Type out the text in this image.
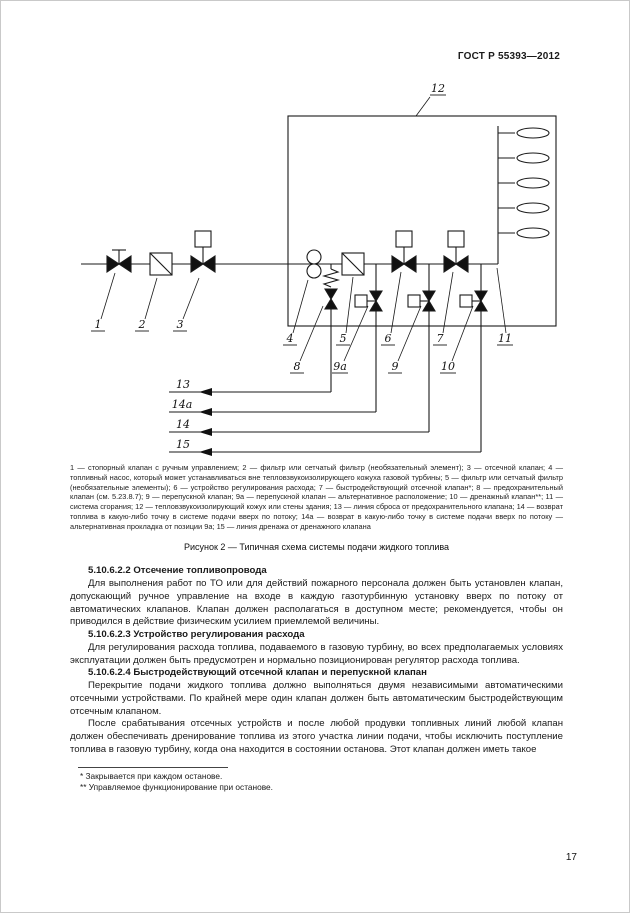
ГОСТ Р 55393—2012
1	2	3
4	5	6	7	11
8	9а	9	10
12
13
14а
14
15

1 — стопорный клапан с ручным управлением; 2 — фильтр или сетчатый фильтр (необязательный элемент); 3 — отсечной клапан; 4 — топливный насос, который может устанавливаться вне тепловзвукоизолирующего кожуха газовой турбины; 5 — фильтр или сетчатый фильтр (необязательные элементы); 6 — устройство регулирования расхода; 7 — быстродействующий отсечной клапан*; 8 — предохранительный клапан (см. 5.23.8.7); 9 — перепускной клапан; 9а — перепускной клапан — альтернативное расположение; 10 — дренажный клапан**; 11 — система сгорания; 12 — тепловзвукоизолирующий кожух или стены здания; 13 — линия сброса от предохранительного клапана; 14 — возврат топлива в какую-либо точку в системе подачи вверх по потоку; 14а — возврат в какую-либо точку в системе подачи вверх по потоку — альтернативная прокладка от позиции 9а; 15 — линия дренажа от дренажного клапана

Рисунок 2 — Типичная схема системы подачи жидкого топлива

5.10.6.2.2 Отсечение топливопровода

Для выполнения работ по ТО или для действий пожарного персонала должен быть установлен клапан, допускающий ручное управление на входе в каждую газотурбинную установку вверх по потоку от автоматических клапанов. Клапан должен располагаться в доступном месте; рекомендуется, чтобы он приводился в действие физическим усилием приемлемой величины.

5.10.6.2.3 Устройство регулирования расхода

Для регулирования расхода топлива, подаваемого в газовую турбину, во всех предполагаемых условиях эксплуатации должен быть предусмотрен и нормально позиционирован регулятор расхода топлива.

5.10.6.2.4 Быстродействующий отсечной клапан и перепускной клапан

Перекрытие подачи жидкого топлива должно выполняться двумя независимыми автоматическими отсечными устройствами. По крайней мере один клапан должен быть автоматическим быстродействующим отсечным клапаном.

После срабатывания отсечных устройств и после любой продувки топливных линий любой клапан должен обеспечивать дренирование топлива из этого участка линии подачи, чтобы исключить поступление топлива в газовую турбину, когда она находится в состоянии останова. Этот клапан должен иметь такое

* Закрывается при каждом останове.

** Управляемое функционирование при останове.

17
